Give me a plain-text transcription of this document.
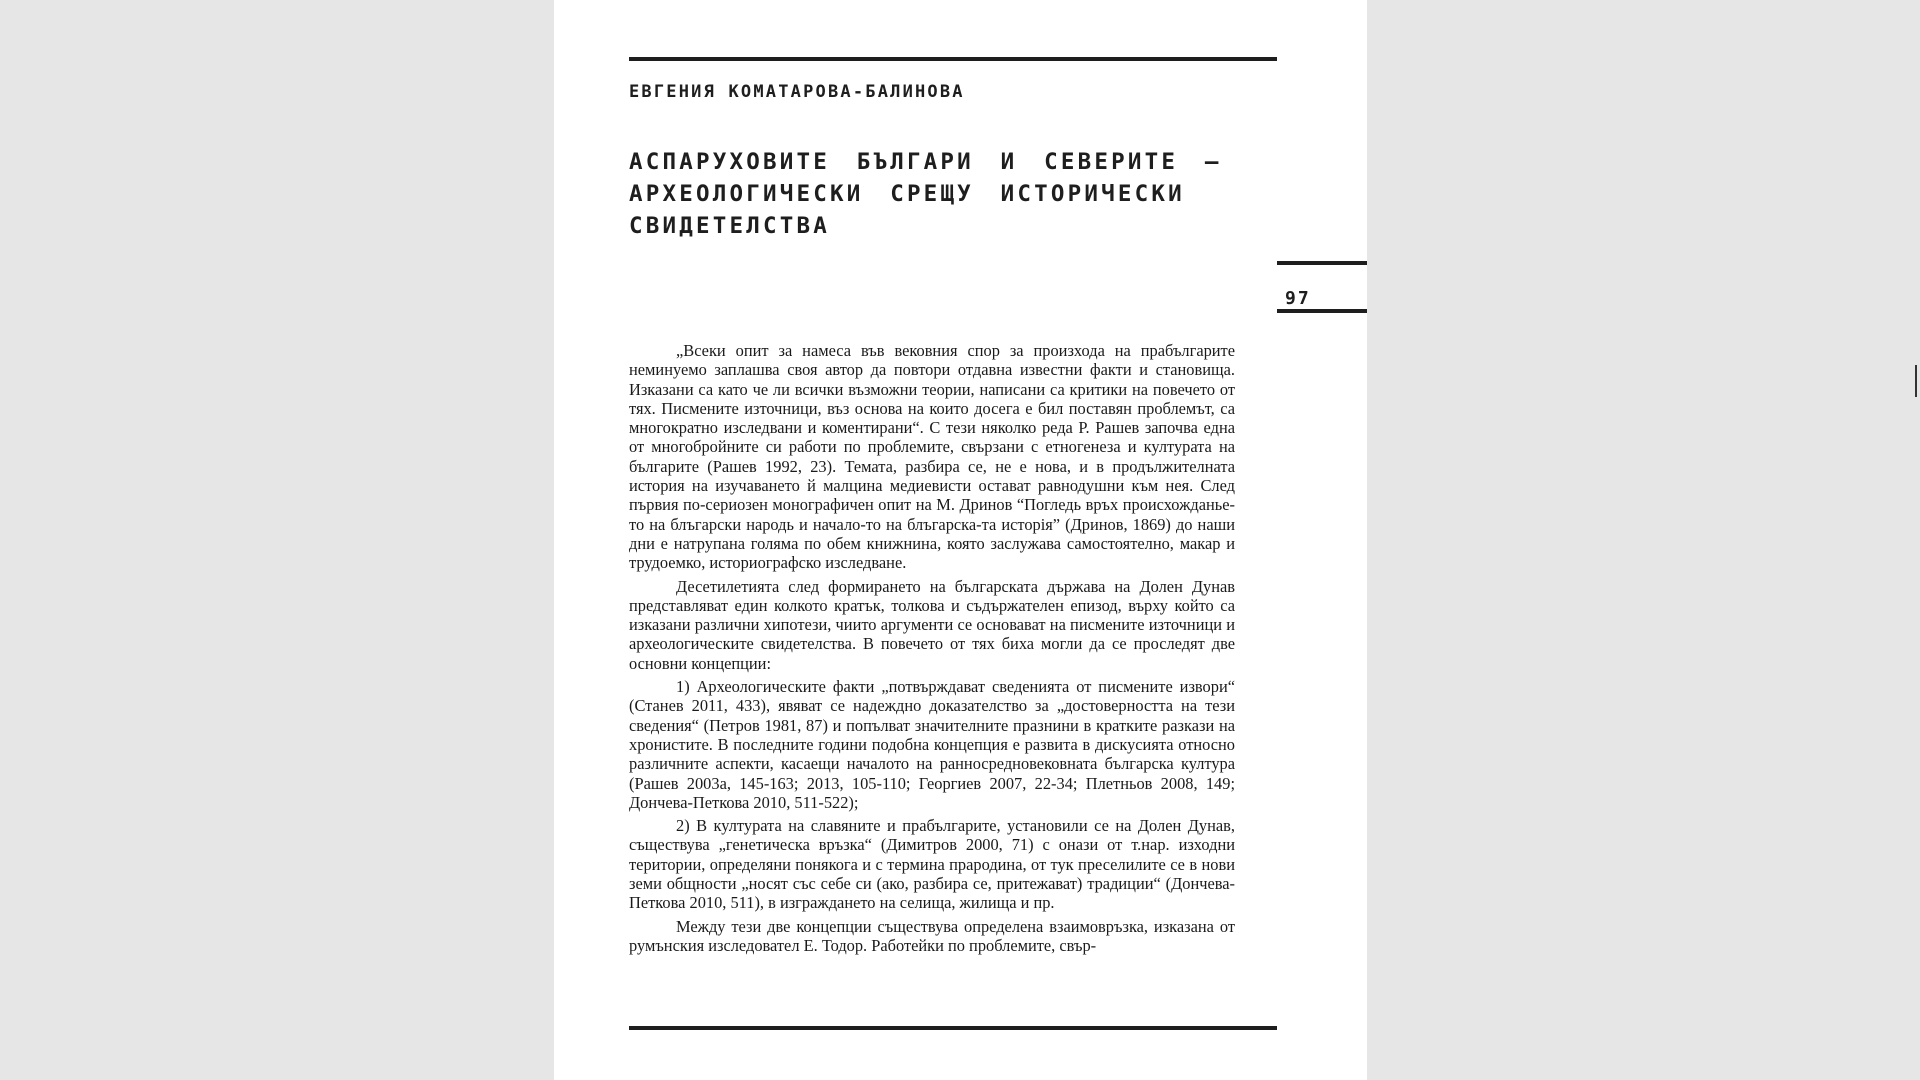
ЕВГЕНИЯ КОМАТАРОВА-БАЛИНОВА
АСПАРУХОВИТЕ БЪЛГАРИ И СЕВЕРИТЕ – АРХЕОЛОГИЧЕСКИ СРЕЩУ ИСТОРИЧЕСКИ СВИДЕТЕЛСТВА
97

„Всеки опит за намеса във вековния спор за произхода на прабългарите неминуемо заплашва своя автор да повтори отдавна известни факти и становища. Изказани са като че ли всички възможни теории, написани са критики на повечето от тях. Писмените източници, въз основа на които досега е бил поставян проблемът, са многократно изследвани и коментирани“. С тези няколко реда Р. Рашев започва една от многобройните си работи по проблемите, свързани с етногенеза и културата на българите (Рашев 1992, 23). Темата, разбира се, не е нова, и в продължителната история на изучаването й малцина медиевисти остават равнодушни към нея. След първия по-сериозен монографичен опит на М. Дринов “Погледь връх происхожданье-то на блъгарски народь и начало-то на блъгарска-та исторія” (Дринов, 1869) до наши дни е натрупана голяма по обем книжнина, която заслужава самостоятелно, макар и трудоемко, историографско изследване.

Десетилетията след формирането на българската държава на Долен Дунав представляват един колкото кратък, толкова и съдържателен епизод, върху който са изказани различни хипотези, чиито аргументи се основават на писмените източници и археологическите свидетелства. В повечето от тях биха могли да се проследят две основни концепции:

1) Археологическите факти „потвърждават сведенията от писмените извори“ (Станев 2011, 433), явяват се надеждно доказателство за „достоверността на тези сведения“ (Петров 1981, 87) и попълват значителните празнини в кратките разкази на хронистите. В последните години подобна концепция е развита в дискусията относно различните аспекти, касаещи началото на ранносредновековната българска култура (Рашев 2003а, 145-163; 2013, 105-110; Георгиев 2007, 22-34; Плетньов 2008, 149; Дончева-Петкова 2010, 511-522);

2) В културата на славяните и прабългарите, установили се на Долен Дунав, съществува „генетическа връзка“ (Димитров 2000, 71) с онази от т.нар. изходни територии, определяни понякога и с термина прародина, от тук преселилите се в нови земи общности „носят със себе си (ако, разбира се, притежават) традиции“ (Дончева-Петкова 2010, 511), в изграждането на селища, жилища и пр.

Между тези две концепции съществува определена взаимовръзка, изказана от румънския изследовател Е. Тодор. Работейки по проблемите, свър-
